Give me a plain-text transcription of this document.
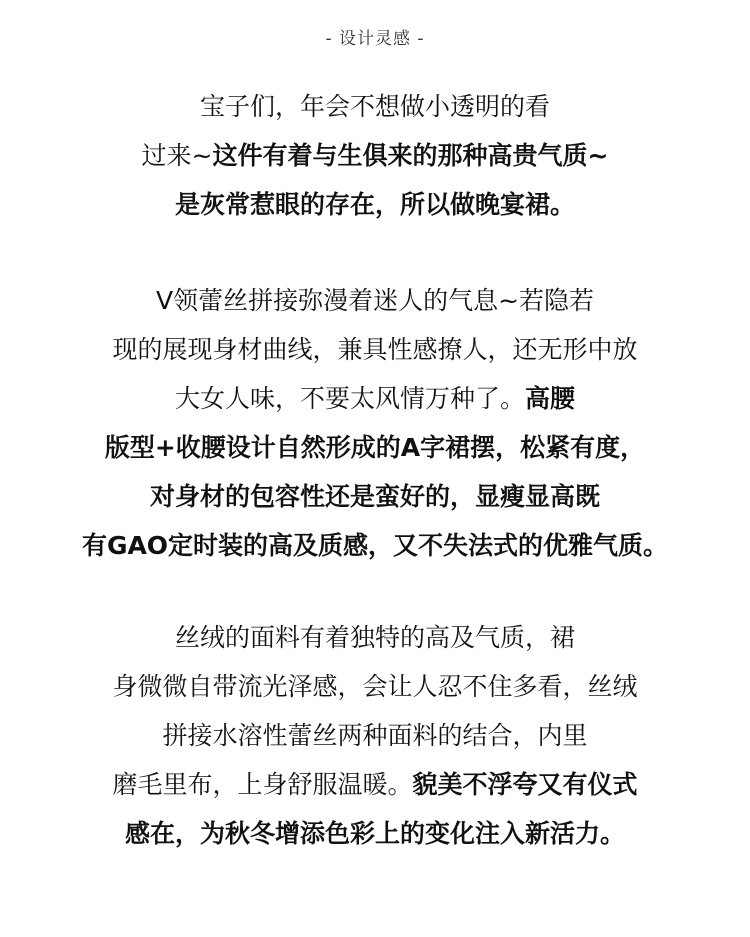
- 设计灵感 -
宝子们，年会不想做小透明的看
过来~这件有着与生俱来的那种高贵气质~
是灰常惹眼的存在，所以做晚宴裙。
V领蕾丝拼接弥漫着迷人的气息~若隐若
现的展现身材曲线，兼具性感撩人，还无形中放
大女人味，不要太风情万种了。高腰
版型+收腰设计自然形成的A字裙摆，松紧有度，
对身材的包容性还是蛮好的，显瘦显高既
有GAO定时装的高及质感，又不失法式的优雅气质。
丝绒的面料有着独特的高及气质，裙
身微微自带流光泽感，会让人忍不住多看，丝绒
拼接水溶性蕾丝两种面料的结合，内里
磨毛里布，上身舒服温暖。貌美不浮夸又有仪式
感在，为秋冬增添色彩上的变化注入新活力。
